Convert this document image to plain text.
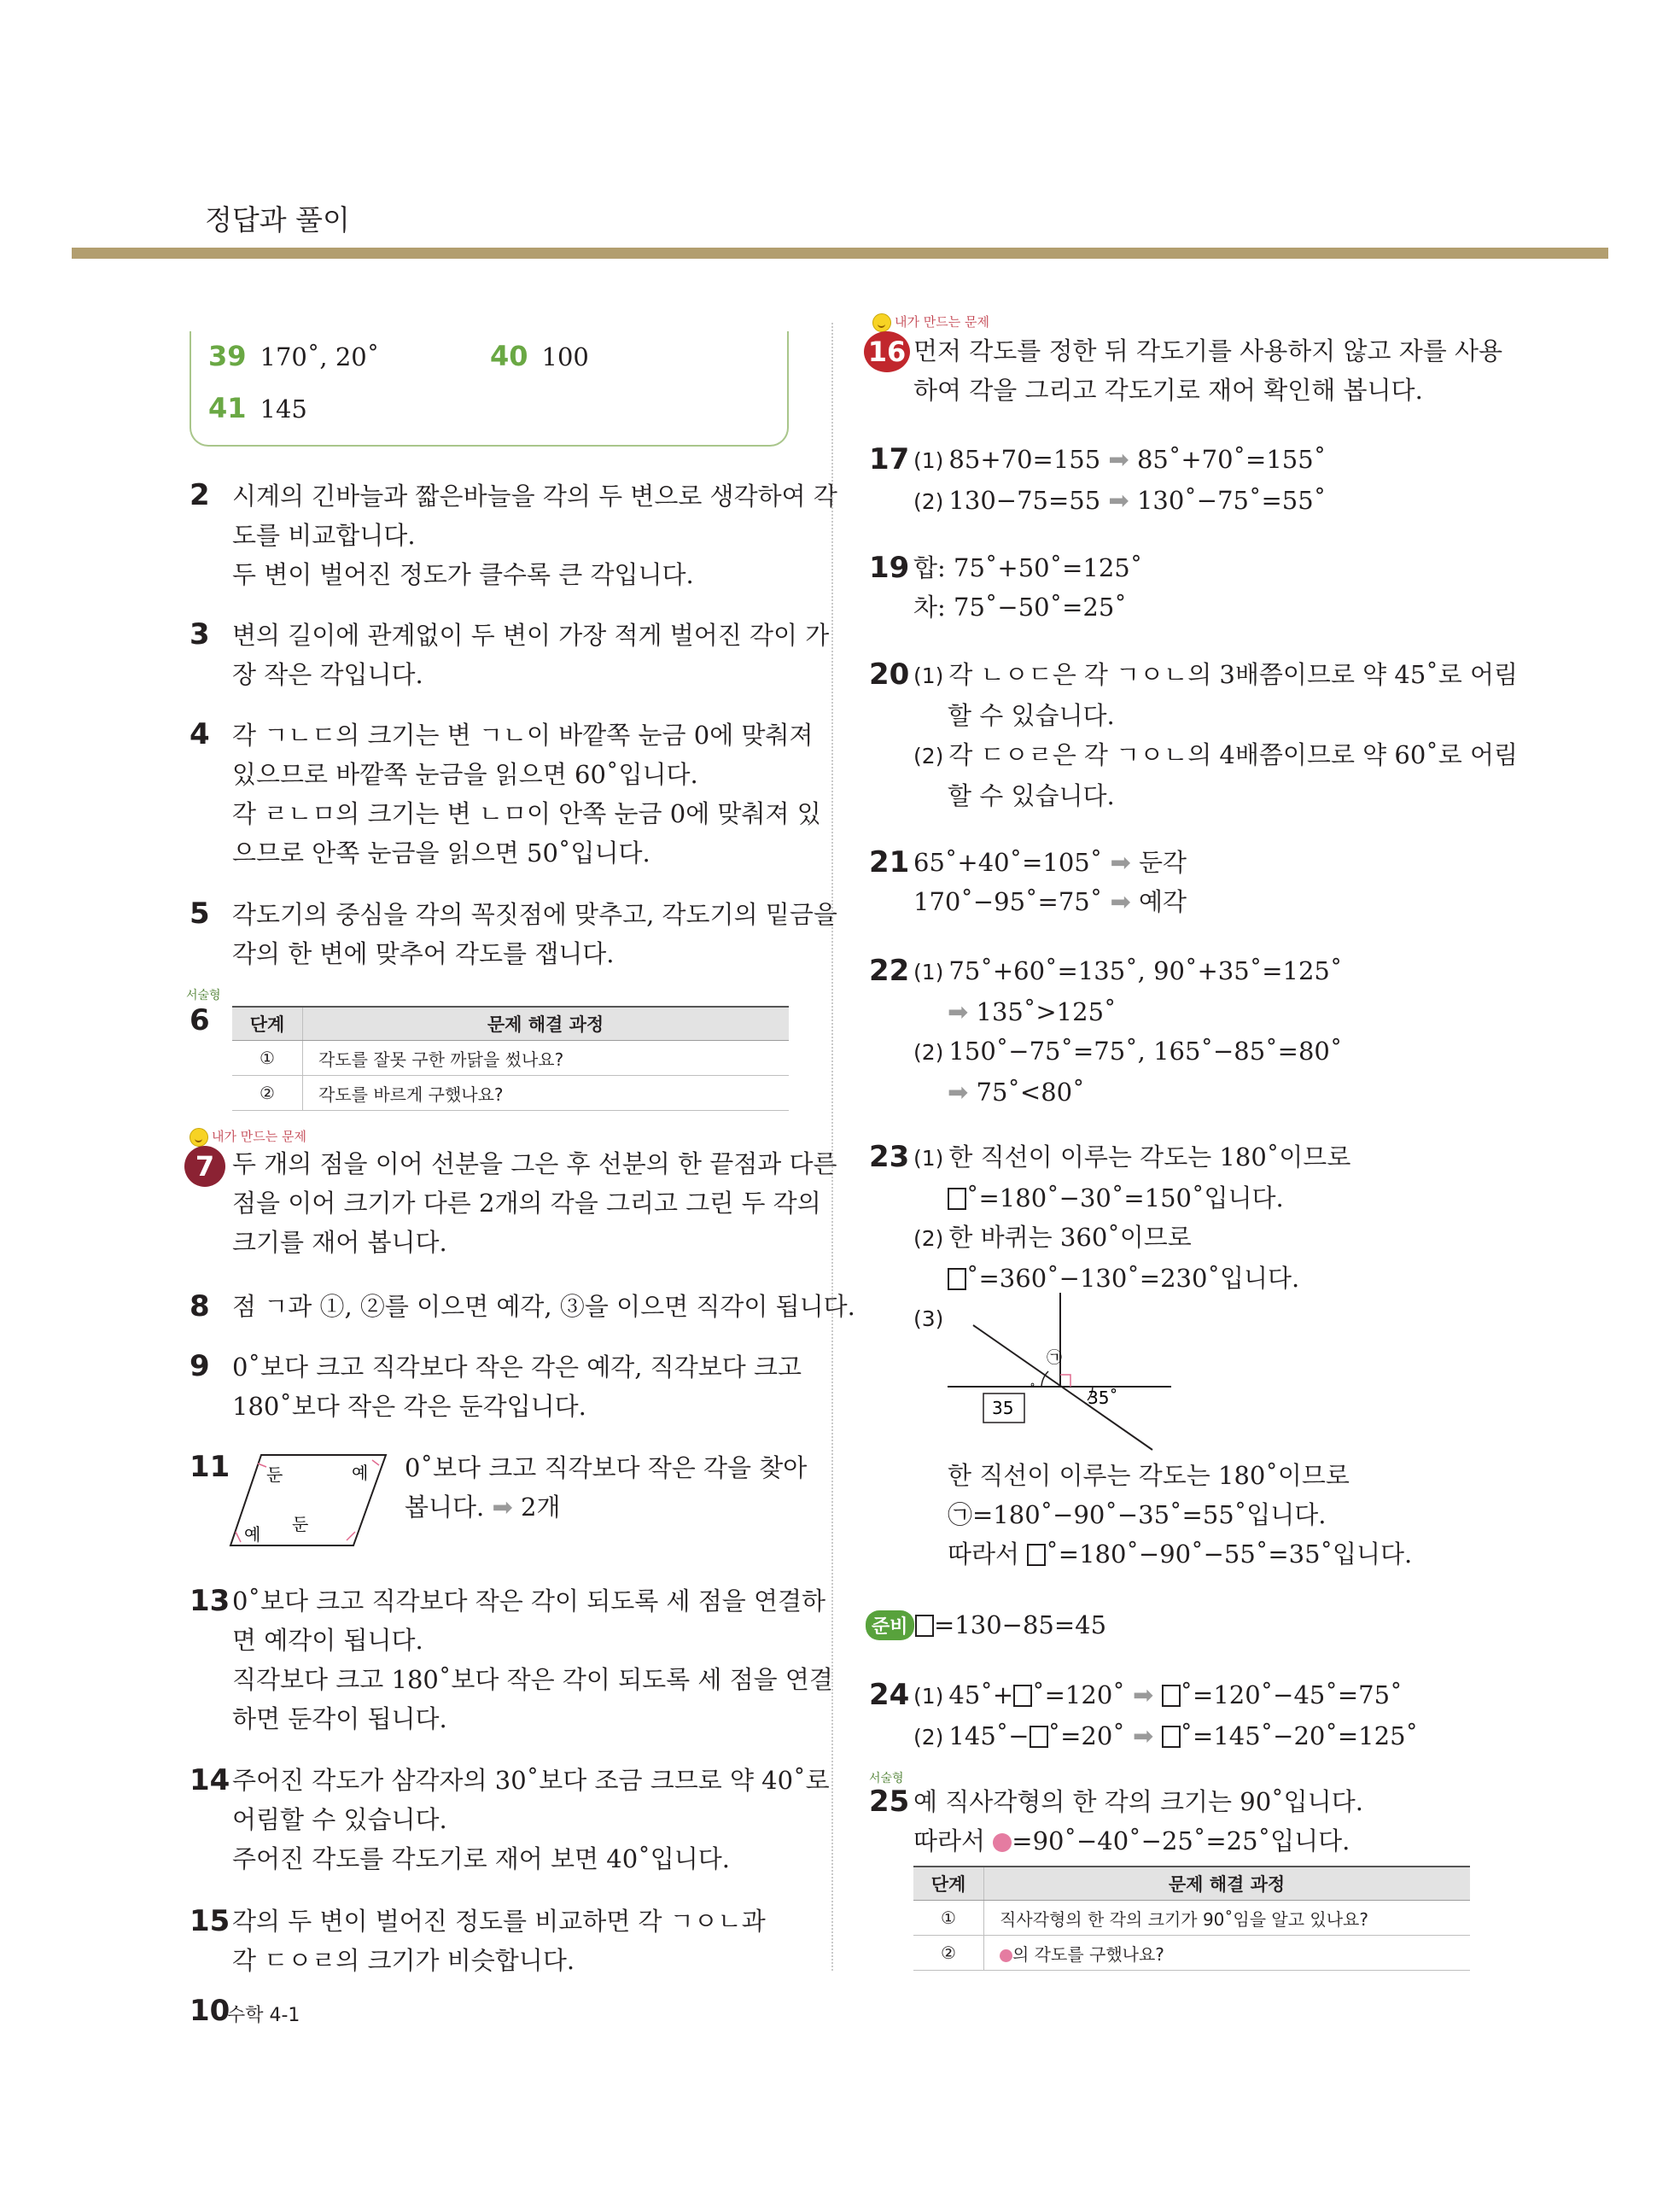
정답과 풀이
39 170˚, 20˚	40 100
41 145
2 시계의 긴바늘과 짧은바늘을 각의 두 변으로 생각하여 각
도를 비교합니다.
두 변이 벌어진 정도가 클수록 큰 각입니다.
3 변의 길이에 관계없이 두 변이 가장 적게 벌어진 각이 가
장 작은 각입니다.
4 각 ㄱㄴㄷ의 크기는 변 ㄱㄴ이 바깥쪽 눈금 0에 맞춰져
있으므로 바깥쪽 눈금을 읽으면 60˚입니다.
각 ㄹㄴㅁ의 크기는 변 ㄴㅁ이 안쪽 눈금 0에 맞춰져 있
으므로 안쪽 눈금을 읽으면 50˚입니다.
5 각도기의 중심을 각의 꼭짓점에 맞추고, 각도기의 밑금을
각의 한 변에 맞추어 각도를 잽니다.
서술형
6 단계	문제 해결 과정
①	각도를 잘못 구한 까닭을 썼나요?
②	각도를 바르게 구했나요?
내가 만드는 문제
7 두 개의 점을 이어 선분을 그은 후 선분의 한 끝점과 다른
점을 이어 크기가 다른 2개의 각을 그리고 그린 두 각의
크기를 재어 봅니다.
8 점 ㄱ과 ①, ②를 이으면 예각, ③을 이으면 직각이 됩니다.
9 0˚보다 크고 직각보다 작은 각은 예각, 직각보다 크고
180˚보다 작은 각은 둔각입니다.
11 둔	예
예 둔
0˚보다 크고 직각보다 작은 각을 찾아
봅니다. ➡ 2개
13 0˚보다 크고 직각보다 작은 각이 되도록 세 점을 연결하
면 예각이 됩니다.
직각보다 크고 180˚보다 작은 각이 되도록 세 점을 연결
하면 둔각이 됩니다.
14 주어진 각도가 삼각자의 30˚보다 조금 크므로 약 40˚로
어림할 수 있습니다.
주어진 각도를 각도기로 재어 보면 40˚입니다.
15 각의 두 변이 벌어진 정도를 비교하면 각 ㄱㅇㄴ과
각 ㄷㅇㄹ의 크기가 비슷합니다.
10
수학 4-1
내가 만드는 문제
16 먼저 각도를 정한 뒤 각도기를 사용하지 않고 자를 사용
하여 각을 그리고 각도기로 재어 확인해 봅니다.
17 (1) 85+70=155 ➡ 85˚+70˚=155˚
(2) 130−75=55 ➡ 130˚−75˚=55˚
19 합: 75˚+50˚=125˚
차: 75˚−50˚=25˚
20 (1) 각 ㄴㅇㄷ은 각 ㄱㅇㄴ의 3배쯤이므로 약 45˚로 어림
할 수 있습니다.
(2) 각 ㄷㅇㄹ은 각 ㄱㅇㄴ의 4배쯤이므로 약 60˚로 어림
할 수 있습니다.
21 65˚+40˚=105˚ ➡ 둔각
170˚−95˚=75˚ ➡ 예각
22 (1) 75˚+60˚=135˚, 90˚+35˚=125˚
➡ 135˚>125˚
(2) 150˚−75˚=75˚, 165˚−85˚=80˚
➡ 75˚<80˚
23 (1) 한 직선이 이루는 각도는 180˚이므로
˚=180˚−30˚=150˚입니다.
(2) 한 바퀴는 360˚이므로
˚=360˚−130˚=230˚입니다.
(3)
㉠
35˚
35
˚
한 직선이 이루는 각도는 180˚이므로
㉠=180˚−90˚−35˚=55˚입니다.
따라서 ˚=180˚−90˚−55˚=35˚입니다.
준비	=130−85=45
24 (1) 45˚+ ˚=120˚ ➡ ˚=120˚−45˚=75˚
(2) 145˚− ˚=20˚ ➡ ˚=145˚−20˚=125˚
서술형
25 예 직사각형의 한 각의 크기는 90˚입니다.
따라서 =90˚−40˚−25˚=25˚입니다.
단계	문제 해결 과정
①	직사각형의 한 각의 크기가 90˚임을 알고 있나요?
②	의 각도를 구했나요?
